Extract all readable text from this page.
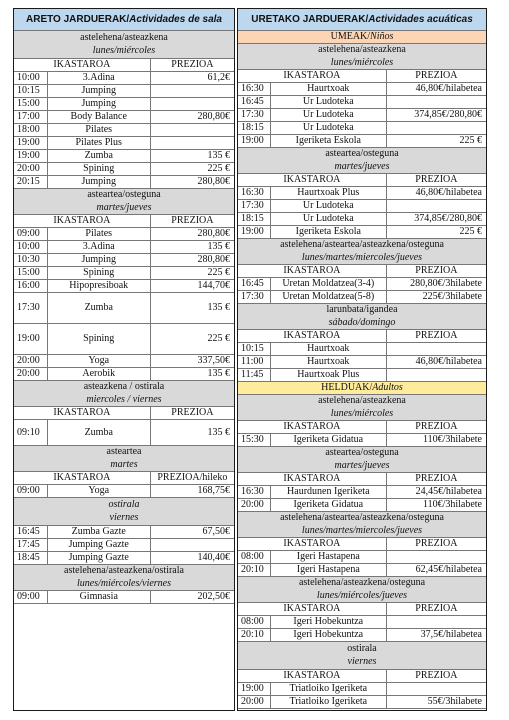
ARETO JARDUERAK/ Actividades de sala
astelehena/asteazkena
lunes/miércoles
IKASTAROA	PREZIOA
10:00	3.Adina	61,2€
10:15	Jumping
15:00	Jumping
17:00	Body Balance	280,80€
18:00	Pilates
19:00	Pilates Plus
19:00	Zumba	135 €
20:00	Spining	225 €
20:15	Jumping	280,80€
astearteа/osteguna
martes/jueves
IKASTAROA	PREZIOA
09:00	Pilates	280,80€
10:00	3.Adina	135 €
10:30	Jumping	280,80€
15:00	Spining	225 €
16:00	Hipopresiboak	144,70€
17:30	Zumba	135 €
19:00	Spining	225 €
20:00	Yoga	337,50€
20:00	Aerobik	135 €
asteazkena / ostirala
miercoles / viernes
IKASTAROA	PREZIOA
09:10	Zumba	135 €
asteartea
martes
IKASTAROA	PREZIOA/hileko
09:00	Yoga	168,75€
ostirala
viernes
16:45	Zumba Gazte	67,50€
17:45	Jumping Gazte
18:45	Jumping Gazte	140,40€
astelehena/asteazkena/ostirala
lunes/miércoles/viernes
09:00	Gimnasia	202,50€
URETAKO JARDUERAK/ Actividades acuáticas
UMEAK/ Niños
astelehena/asteazkena
lunes/miércoles
IKASTAROA	PREZIOA
16:30	Haurtxoak	46,80€/hilabetea
16:45	Ur Ludoteka
17:30	Ur Ludoteka	374,85€/280,80€
18:15	Ur Ludoteka
19:00	Igeriketa Eskola	225 €
asteartea/osteguna
martes/jueves
IKASTAROA	PREZIOA
16:30	Haurtxoak Plus	46,80€/hilabetea
17:30	Ur Ludoteka
18:15	Ur Ludoteka	374,85€/280,80€
19:00	Igeriketa Eskola	225 €
astelehena/asteartea/asteazkena/osteguna
lunes/martes/miercoles/jueves
IKASTAROA	PREZIOA
16:45	Uretan Moldatzea(3-4)	280,80€/3hilabete
17:30	Uretan Moldatzea(5-8)	225€/3hilabete
larunbata/igandea
sábado/domingo
IKASTAROA	PREZIOA
10:15	Haurtxoak
11:00	Haurtxoak	46,80€/hilabetea
11:45	Haurtxoak Plus
HELDUAK/ Adultos
astelehena/asteazkena
lunes/miércoles
IKASTAROA	PREZIOA
15:30	Igeriketa Gidatua	110€/3hilabete
asteartea/osteguna
martes/jueves
IKASTAROA	PREZIOA
16:30	Haurdunen Igeriketa	24,45€/hilabetea
20:00	Igeriketa Gidatua	110€/3hilabete
astelehena/asteartea/asteazkena/osteguna
lunes/martes/miercoles/jueves
IKASTAROA	PREZIOA
08:00	Igeri Hastapena
20:10	Igeri Hastapena	62,45€/hilabetea
astelehena/asteazkena/osteguna
lunes/miércoles/jueves
IKASTAROA	PREZIOA
08:00	Igeri Hobekuntza
20:10	Igeri Hobekuntza	37,5€/hilabetea
ostirala
viernes
IKASTAROA	PREZIOA
19:00	Triatloiko Igeriketa
20:00	Triatloiko Igeriketa	55€/3hilabete
